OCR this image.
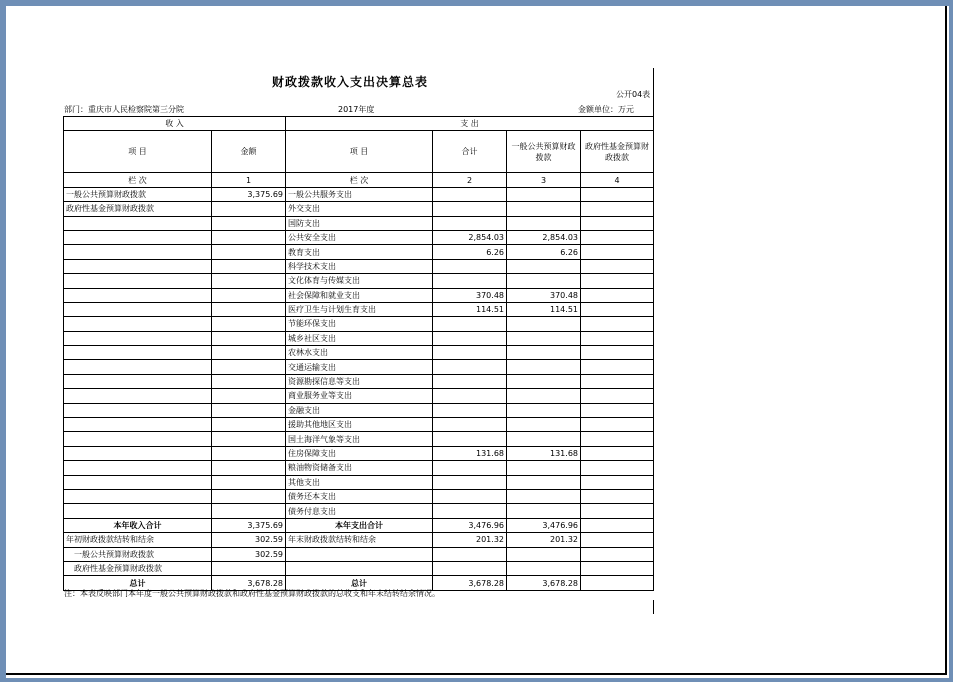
财政拨款收入支出决算总表
公开04表
部门：重庆市人民检察院第三分院	2017年度	金额单位：万元
收 入		支 出			
项 目	金额	项 目	合计	一般公共预算财政拨款	政府性基金预算财政拨款
栏 次	1	栏 次	2	3	4
一般公共预算财政拨款	3,375.69	一般公共服务支出			
政府性基金预算财政拨款		外交支出			
		国防支出			
		公共安全支出	2,854.03	2,854.03	
		教育支出	6.26	6.26	
		科学技术支出			
		文化体育与传媒支出			
		社会保障和就业支出	370.48	370.48	
		医疗卫生与计划生育支出	114.51	114.51	
		节能环保支出			
		城乡社区支出			
		农林水支出			
		交通运输支出			
		资源勘探信息等支出			
		商业服务业等支出			
		金融支出			
		援助其他地区支出			
		国土海洋气象等支出			
		住房保障支出	131.68	131.68	
		粮油物资储备支出			
		其他支出			
		债务还本支出			
		债务付息支出			
本年收入合计	3,375.69	本年支出合计	3,476.96	3,476.96	
年初财政拨款结转和结余	302.59	年末财政拨款结转和结余	201.32	201.32	
一般公共预算财政拨款	302.59				
政府性基金预算财政拨款					
总计	3,678.28	总计	3,678.28	3,678.28	
注：本表反映部门本年度一般公共预算财政拨款和政府性基金预算财政拨款的总收支和年末结转结余情况。
